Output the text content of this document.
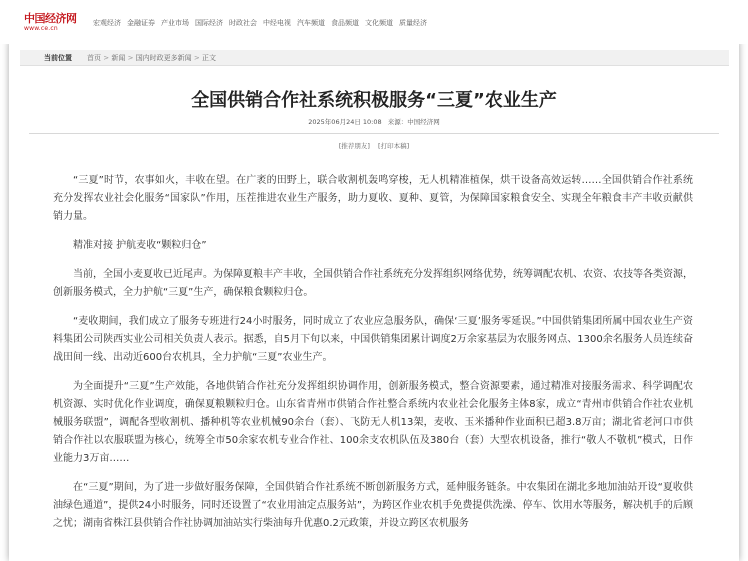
中国经济网
www.ce.cn
宏观经济 金融证券 产业市场 国际经济 时政社会 中经电视 汽车频道 食品频道 文化频道 质量经济
当前位置 首页 > 新闻 > 国内时政更多新闻 > 正文
全国供销合作社系统积极服务“三夏”农业生产
2025年06月24日 10:08 来源：中国经济网
[推荐朋友] [打印本稿]

“三夏”时节，农事如火，丰收在望。在广袤的田野上，联合收割机轰鸣穿梭，无人机精准植保，烘干设备高效运转……全国供销合作社系统充分发挥农业社会化服务“国家队”作用，压茬推进农业生产服务，助力夏收、夏种、夏管，为保障国家粮食安全、实现全年粮食丰产丰收贡献供销力量。

精准对接 护航麦收“颗粒归仓”

当前，全国小麦夏收已近尾声。为保障夏粮丰产丰收，全国供销合作社系统充分发挥组织网络优势，统筹调配农机、农资、农技等各类资源，创新服务模式，全力护航“三夏”生产，确保粮食颗粒归仓。

“麦收期间，我们成立了服务专班进行24小时服务，同时成立了农业应急服务队，确保‘三夏’服务零延误。”中国供销集团所属中国农业生产资料集团公司陕西实业公司相关负责人表示。据悉，自5月下旬以来，中国供销集团累计调度2万余家基层为农服务网点、1300余名服务人员连续奋战田间一线、出动近600台农机具，全力护航“三夏”农业生产。

为全面提升“三夏”生产效能，各地供销合作社充分发挥组织协调作用，创新服务模式，整合资源要素，通过精准对接服务需求、科学调配农机资源、实时优化作业调度，确保夏粮颗粒归仓。山东省青州市供销合作社整合系统内农业社会化服务主体8家，成立“青州市供销合作社农业机械服务联盟”，调配各型收割机、播种机等农业机械90余台（套）、飞防无人机13架，麦收、玉米播种作业面积已超3.8万亩；湖北省老河口市供销合作社以农服联盟为核心，统筹全市50余家农机专业合作社、100余支农机队伍及380台（套）大型农机设备，推行“敬人不敬机”模式，日作业能力3万亩……

在“三夏”期间，为了进一步做好服务保障，全国供销合作社系统不断创新服务方式，延伸服务链条。中农集团在湖北多地加油站开设“夏收供油绿色通道”，提供24小时服务，同时还设置了“农业用油定点服务站”，为跨区作业农机手免费提供洗澡、停车、饮用水等服务，解决机手的后顾之忧；湖南省株江县供销合作社协调加油站实行柴油每升优惠0.2元政策，并设立跨区农机服务
